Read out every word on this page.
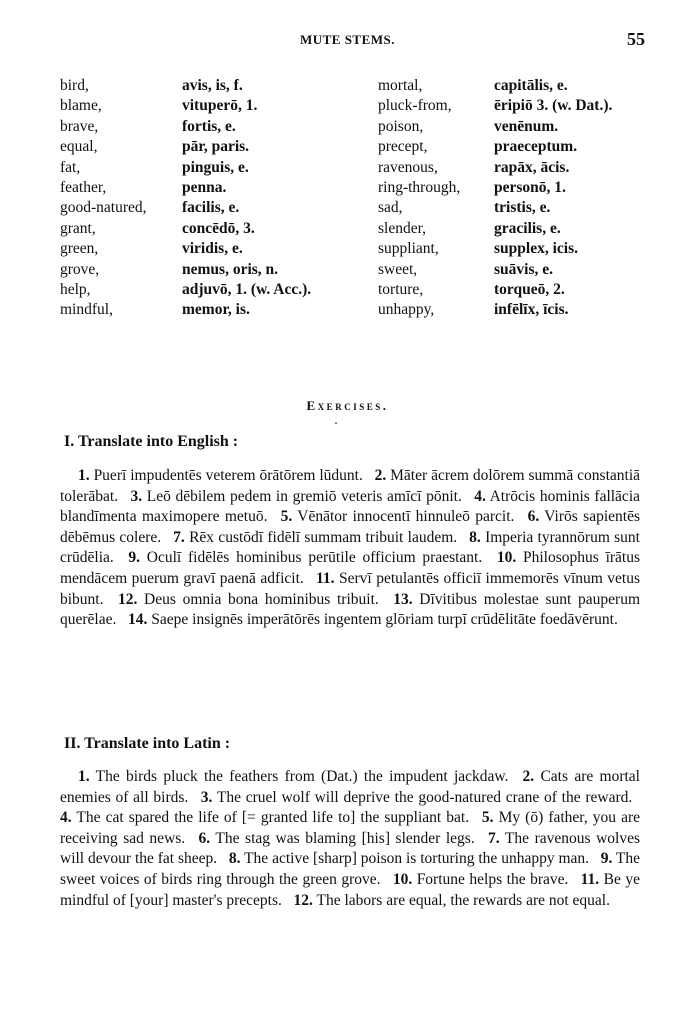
MUTE STEMS.	55
bird,	avis, is, f.
blame,	vituperō, 1.
brave,	fortis, e.
equal,	pār, paris.
fat,	pinguis, e.
feather,	penna.
good-natured, facilis, e.
grant,	concēdō, 3.
green,	viridis, e.
grove,	nemus, oris, n.
help,	adjuvō, 1. (w. Acc.).
mindful,	memor, is.
mortal,	capitālis, e.
pluck-from,	ēripiō 3. (w. Dat.).
poison,	venēnum.
precept,	praeceptum.
ravenous,	rapāx, ācis.
ring-through, personō, 1.
sad,	tristis, e.
slender,	gracilis, e.
suppliant,	supplex, icis.
sweet,	suāvis, e.
torture,	torqueō, 2.
unhappy,	infēlīx, īcis.
Exercises.
I. Translate into English :
1. Puerī impudentēs veterem ōrātōrem lūdunt.  2. Māter ācrem dolōrem summā constantiā tolerābat.  3. Leō dēbilem pedem in gremiō veteris amīcī pōnit.  4. Atrōcis hominis fallācia blandīmenta maximopere metuō.  5. Vēnātor innocentī hinnuleō parcit.  6. Virōs sapientēs dēbēmus colere.  7. Rēx custōdī fidēlī summam tribuit laudem.  8. Imperia tyrannōrum sunt crūdēlia.  9. Oculī fidēlēs hominibus perūtile officium praestant.  10. Philosophus īrātus mendācem puerum gravī paenā adficit.  11. Servī petulantēs officiī immemorēs vīnum vetus bibunt.  12. Deus omnia bona hominibus tribuit.  13. Dīvitibus molestae sunt pauperum querēlae.  14. Saepe insignēs imperātōrēs ingentem glōriam turpī crūdēlitāte foedāvērunt.
II. Translate into Latin :
1. The birds pluck the feathers from (Dat.) the impudent jackdaw.  2. Cats are mortal enemies of all birds.  3. The cruel wolf will deprive the good-natured crane of the reward.  4. The cat spared the life of [= granted life to] the suppliant bat.  5. My (ō) father, you are receiving sad news.  6. The stag was blaming [his] slender legs.  7. The ravenous wolves will devour the fat sheep.  8. The active [sharp] poison is torturing the unhappy man.  9. The sweet voices of birds ring through the green grove.  10. Fortune helps the brave.  11. Be ye mindful of [your] master's precepts.  12. The labors are equal, the rewards are not equal.
